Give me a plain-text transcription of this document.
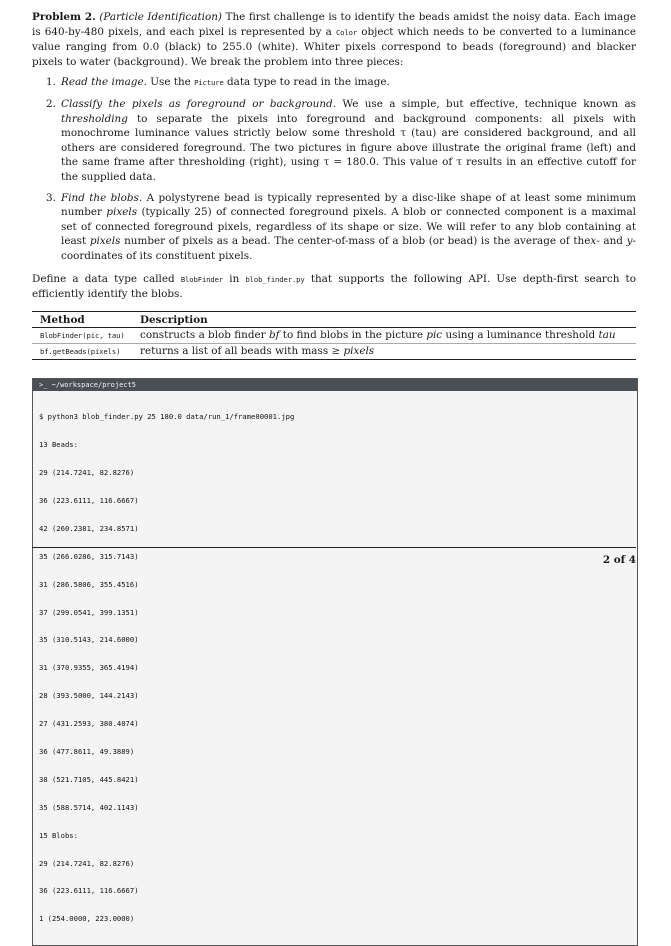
Problem 2. (Particle Identification) The first challenge is to identify the beads amidst the noisy data. Each image is 640-by-480 pixels, and each pixel is represented by a Color object which needs to be converted to a luminance value ranging from 0.0 (black) to 255.0 (white). Whiter pixels correspond to beads (foreground) and blacker pixels to water (background). We break the problem into three pieces:

1. Read the image. Use the Picture data type to read in the image.
2. Classify the pixels as foreground or background. We use a simple, but effective, technique known as thresholding to separate the pixels into foreground and background components: all pixels with monochrome luminance values strictly below some threshold τ (tau) are considered background, and all others are considered foreground. The two pictures in figure above illustrate the original frame (left) and the same frame after thresholding (right), using τ = 180.0. This value of τ results in an effective cutoff for the supplied data.
3. Find the blobs. A polystyrene bead is typically represented by a disc-like shape of at least some minimum number pixels (typically 25) of connected foreground pixels. A blob or connected component is a maximal set of connected foreground pixels, regardless of its shape or size. We will refer to any blob containing at least pixels number of pixels as a bead. The center-of-mass of a blob (or bead) is the average of thex- and y-coordinates of its constituent pixels.

Define a data type called BlobFinder in blob_finder.py that supports the following API. Use depth-first search to efficiently identify the blobs.

Method	Description
BlobFinder(pic, tau)	constructs a blob finder bf to find blobs in the picture pic using a luminance threshold tau
bf.getBeads(pixels)	returns a list of all beads with mass ≥ pixels
>_ ~/workspace/project5

$ python3 blob_finder.py 25 180.0 data/run_1/frame00001.jpg

13 Beads:

29 (214.7241, 82.8276)

36 (223.6111, 116.6667)

42 (260.2381, 234.8571)

35 (266.0286, 315.7143)

31 (286.5806, 355.4516)

37 (299.0541, 399.1351)

35 (310.5143, 214.6000)

31 (370.9355, 365.4194)

28 (393.5000, 144.2143)

27 (431.2593, 380.4074)

36 (477.8611, 49.3889)

38 (521.7105, 445.8421)

35 (588.5714, 402.1143)

15 Blobs:

29 (214.7241, 82.8276)

36 (223.6111, 116.6667)

1 (254.0000, 223.0000)

2 of 4
